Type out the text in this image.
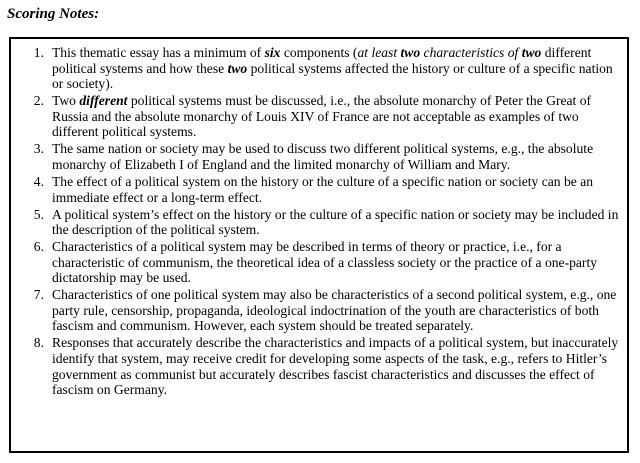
Scoring Notes:
1. This thematic essay has a minimum of six components (at least two characteristics of two different political systems and how these two political systems affected the history or culture of a specific nation or society).
2. Two different political systems must be discussed, i.e., the absolute monarchy of Peter the Great of Russia and the absolute monarchy of Louis XIV of France are not acceptable as examples of two different political systems.
3. The same nation or society may be used to discuss two different political systems, e.g., the absolute monarchy of Elizabeth I of England and the limited monarchy of William and Mary.
4. The effect of a political system on the history or the culture of a specific nation or society can be an immediate effect or a long-term effect.
5. A political system’s effect on the history or the culture of a specific nation or society may be included in the description of the political system.
6. Characteristics of a political system may be described in terms of theory or practice, i.e., for a characteristic of communism, the theoretical idea of a classless society or the practice of a one-party dictatorship may be used.
7. Characteristics of one political system may also be characteristics of a second political system, e.g., one party rule, censorship, propaganda, ideological indoctrination of the youth are characteristics of both fascism and communism. However, each system should be treated separately.
8. Responses that accurately describe the characteristics and impacts of a political system, but inaccurately identify that system, may receive credit for developing some aspects of the task, e.g., refers to Hitler’s government as communist but accurately describes fascist characteristics and discusses the effect of fascism on Germany.
